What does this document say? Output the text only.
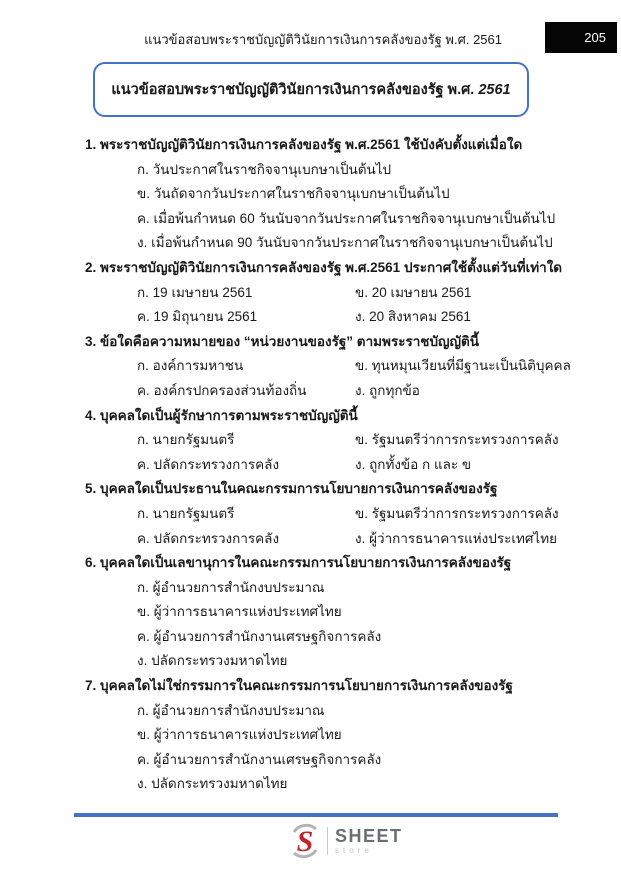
แนวข้อสอบพระราชบัญญัติวินัยการเงินการคลังของรัฐ พ.ศ. 2561	205
แนวข้อสอบพระราชบัญญัติวินัยการเงินการคลังของรัฐ พ.ศ. 2561
1. พระราชบัญญัติวินัยการเงินการคลังของรัฐ พ.ศ.2561 ใช้บังคับตั้งแต่เมื่อใด
ก. วันประกาศในราชกิจจานุเบกษาเป็นต้นไป
ข. วันถัดจากวันประกาศในราชกิจจานุเบกษาเป็นต้นไป
ค. เมื่อพ้นกำหนด 60 วันนับจากวันประกาศในราชกิจจานุเบกษาเป็นต้นไป
ง. เมื่อพ้นกำหนด 90 วันนับจากวันประกาศในราชกิจจานุเบกษาเป็นต้นไป
2. พระราชบัญญัติวินัยการเงินการคลังของรัฐ พ.ศ.2561 ประกาศใช้ตั้งแต่วันที่เท่าใด
ก. 19 เมษายน 2561	ข. 20 เมษายน 2561
ค. 19 มิถุนายน 2561	ง. 20 สิงหาคม 2561
3. ข้อใดคือความหมายของ “หน่วยงานของรัฐ” ตามพระราชบัญญัตินี้
ก. องค์การมหาชน	ข. ทุนหมุนเวียนที่มีฐานะเป็นนิติบุคคล
ค. องค์กรปกครองส่วนท้องถิ่น	ง. ถูกทุกข้อ
4. บุคคลใดเป็นผู้รักษาการตามพระราชบัญญัตินี้
ก. นายกรัฐมนตรี	ข. รัฐมนตรีว่าการกระทรวงการคลัง
ค. ปลัดกระทรวงการคลัง	ง. ถูกทั้งข้อ ก และ ข
5. บุคคลใดเป็นประธานในคณะกรรมการนโยบายการเงินการคลังของรัฐ
ก. นายกรัฐมนตรี	ข. รัฐมนตรีว่าการกระทรวงการคลัง
ค. ปลัดกระทรวงการคลัง	ง. ผู้ว่าการธนาคารแห่งประเทศไทย
6. บุคคลใดเป็นเลขานุการในคณะกรรมการนโยบายการเงินการคลังของรัฐ
ก. ผู้อำนวยการสำนักงบประมาณ
ข. ผู้ว่าการธนาคารแห่งประเทศไทย
ค. ผู้อำนวยการสำนักงานเศรษฐกิจการคลัง
ง. ปลัดกระทรวงมหาดไทย
7. บุคคลใดไม่ใช่กรรมการในคณะกรรมการนโยบายการเงินการคลังของรัฐ
ก. ผู้อำนวยการสำนักงบประมาณ
ข. ผู้ว่าการธนาคารแห่งประเทศไทย
ค. ผู้อำนวยการสำนักงานเศรษฐกิจการคลัง
ง. ปลัดกระทรวงมหาดไทย
S SHEET
store
